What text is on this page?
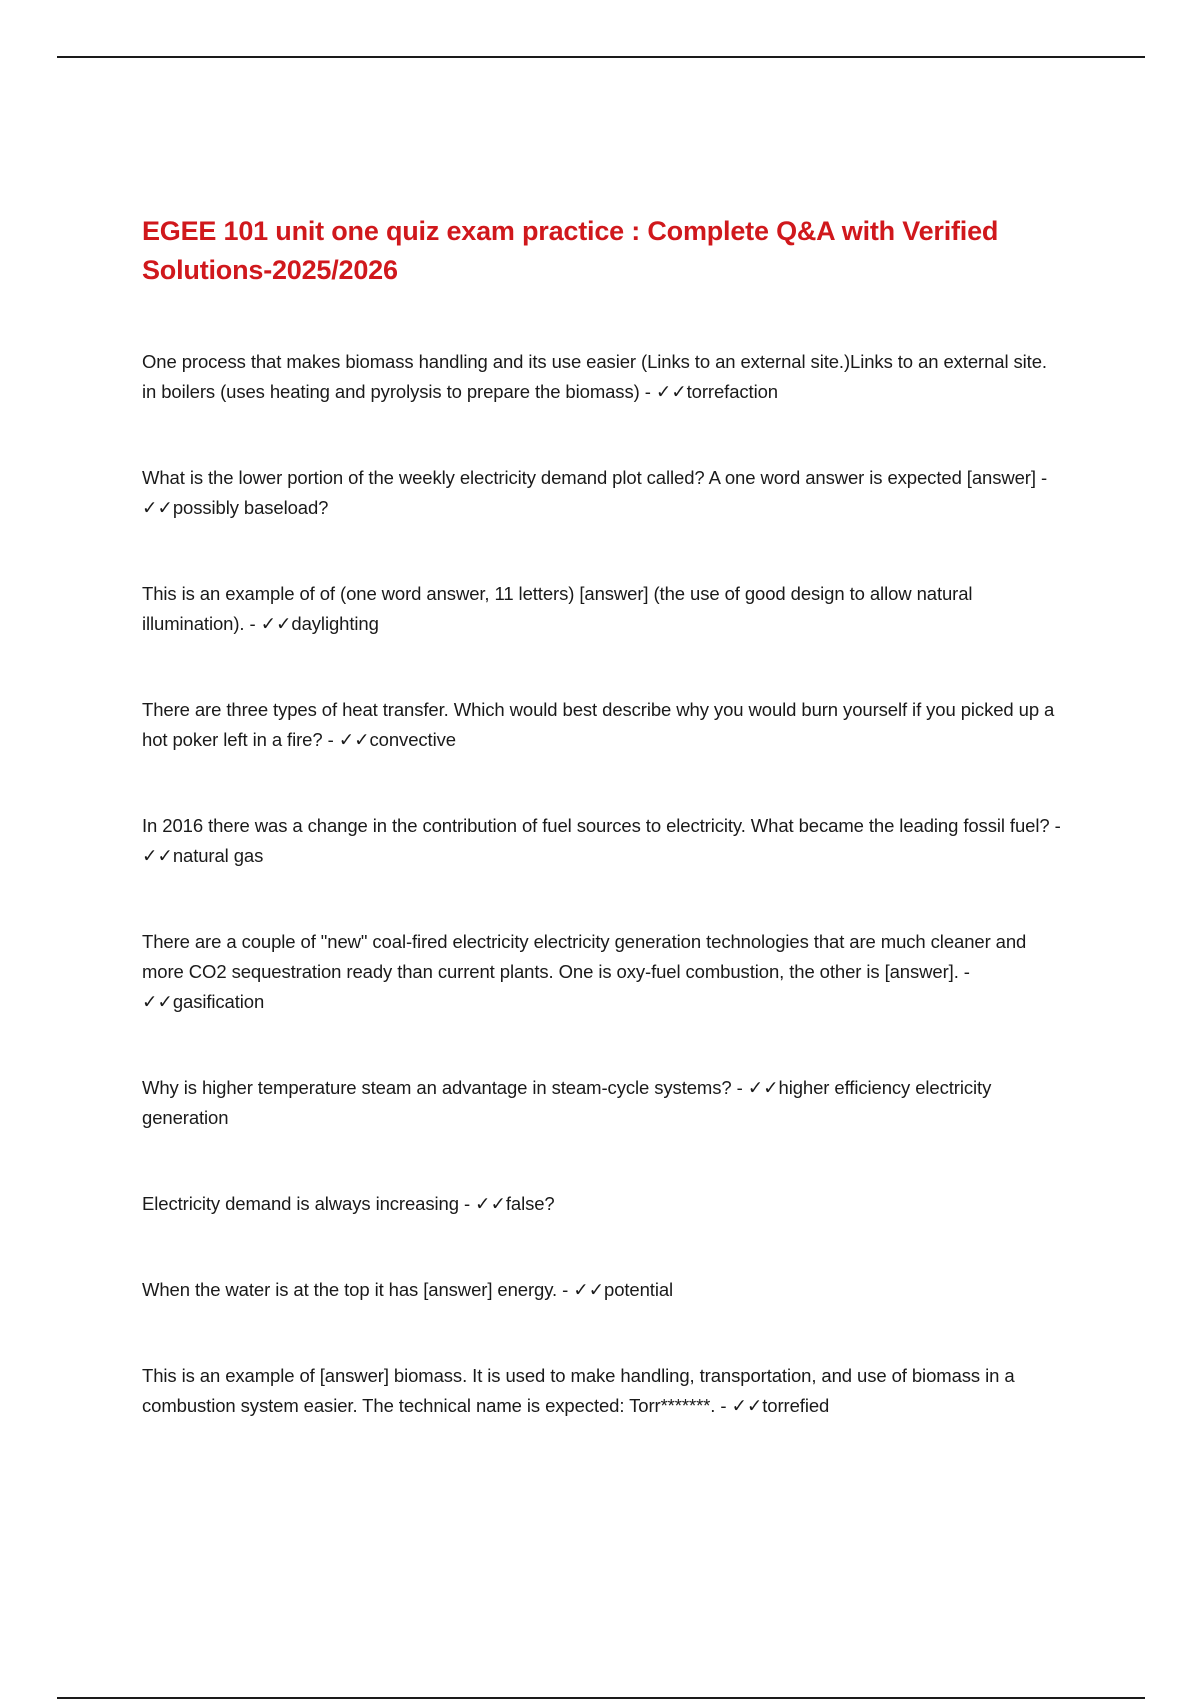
EGEE 101 unit one quiz exam practice : Complete Q&A with Verified Solutions-2025/2026
One process that makes biomass handling and its use easier (Links to an external site.)Links to an external site. in boilers (uses heating and pyrolysis to prepare the biomass) - ✓✓torrefaction
What is the lower portion of the weekly electricity demand plot called? A one word answer is expected [answer] - ✓✓possibly baseload?
This is an example of of (one word answer, 11 letters) [answer] (the use of good design to allow natural illumination). - ✓✓daylighting
There are three types of heat transfer. Which would best describe why you would burn yourself if you picked up a hot poker left in a fire? - ✓✓convective
In 2016 there was a change in the contribution of fuel sources to electricity. What became the leading fossil fuel? - ✓✓natural gas
There are a couple of "new" coal-fired electricity electricity generation technologies that are much cleaner and more CO2 sequestration ready than current plants. One is oxy-fuel combustion, the other is [answer]. - ✓✓gasification
Why is higher temperature steam an advantage in steam-cycle systems? - ✓✓higher efficiency electricity generation
Electricity demand is always increasing - ✓✓false?
When the water is at the top it has [answer] energy. - ✓✓potential
This is an example of [answer] biomass. It is used to make handling, transportation, and use of biomass in a combustion system easier. The technical name is expected: Torr*******. - ✓✓torrefied
